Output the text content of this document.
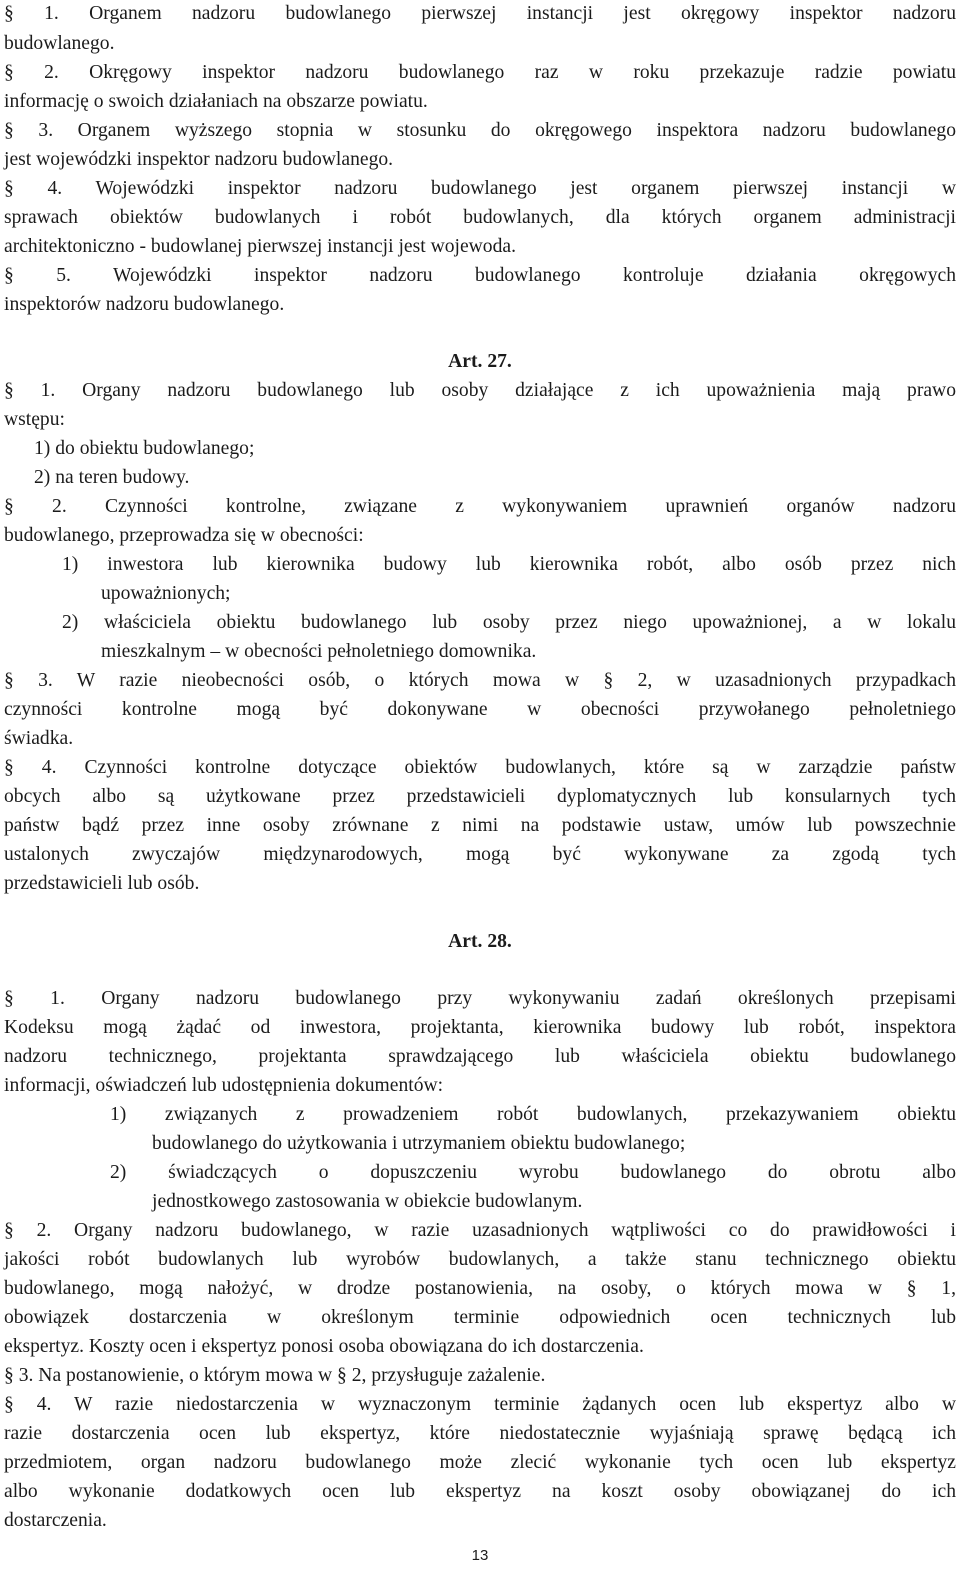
§ 1. Organem nadzoru budowlanego pierwszej instancji jest okręgowy inspektor nadzoru
budowlanego.
§ 2. Okręgowy inspektor nadzoru budowlanego raz w roku przekazuje radzie powiatu
informację o swoich działaniach na obszarze powiatu.
§ 3. Organem wyższego stopnia w stosunku do okręgowego inspektora nadzoru budowlanego
jest wojewódzki inspektor nadzoru budowlanego.
§ 4. Wojewódzki inspektor nadzoru budowlanego jest organem pierwszej instancji w
sprawach obiektów budowlanych i robót budowlanych, dla których organem administracji
architektoniczno - budowlanej pierwszej instancji jest wojewoda.
§ 5. Wojewódzki inspektor nadzoru budowlanego kontroluje działania okręgowych
inspektorów nadzoru budowlanego.
Art. 27.
§ 1. Organy nadzoru budowlanego lub osoby działające z ich upoważnienia mają prawo
wstępu:
1) do obiektu budowlanego;
2) na teren budowy.
§ 2. Czynności kontrolne, związane z wykonywaniem uprawnień organów nadzoru
budowlanego, przeprowadza się w obecności:
1) inwestora lub kierownika budowy lub kierownika robót, albo osób przez nich
upoważnionych;
2) właściciela obiektu budowlanego lub osoby przez niego upoważnionej, a w lokalu
mieszkalnym – w obecności pełnoletniego domownika.
§ 3. W razie nieobecności osób, o których mowa w § 2, w uzasadnionych przypadkach
czynności kontrolne mogą być dokonywane w obecności przywołanego pełnoletniego
świadka.
§ 4. Czynności kontrolne dotyczące obiektów budowlanych, które są w zarządzie państw
obcych albo są użytkowane przez przedstawicieli dyplomatycznych lub konsularnych tych
państw bądź przez inne osoby zrównane z nimi na podstawie ustaw, umów lub powszechnie
ustalonych zwyczajów międzynarodowych, mogą być wykonywane za zgodą tych
przedstawicieli lub osób.
Art. 28.
§ 1. Organy nadzoru budowlanego przy wykonywaniu zadań określonych przepisami
Kodeksu mogą żądać od inwestora, projektanta, kierownika budowy lub robót, inspektora
nadzoru technicznego, projektanta sprawdzającego lub właściciela obiektu budowlanego
informacji, oświadczeń lub udostępnienia dokumentów:
1) związanych z prowadzeniem robót budowlanych, przekazywaniem obiektu
budowlanego do użytkowania i utrzymaniem obiektu budowlanego;
2) świadczących o dopuszczeniu wyrobu budowlanego do obrotu albo
jednostkowego zastosowania w obiekcie budowlanym.
§ 2. Organy nadzoru budowlanego, w razie uzasadnionych wątpliwości co do prawidłowości i
jakości robót budowlanych lub wyrobów budowlanych, a także stanu technicznego obiektu
budowlanego, mogą nałożyć, w drodze postanowienia, na osoby, o których mowa w § 1,
obowiązek dostarczenia w określonym terminie odpowiednich ocen technicznych lub
ekspertyz. Koszty ocen i ekspertyz ponosi osoba obowiązana do ich dostarczenia.
§ 3. Na postanowienie, o którym mowa w § 2, przysługuje zażalenie.
§ 4. W razie niedostarczenia w wyznaczonym terminie żądanych ocen lub ekspertyz albo w
razie dostarczenia ocen lub ekspertyz, które niedostatecznie wyjaśniają sprawę będącą ich
przedmiotem, organ nadzoru budowlanego może zlecić wykonanie tych ocen lub ekspertyz
albo wykonanie dodatkowych ocen lub ekspertyz na koszt osoby obowiązanej do ich
dostarczenia.
13
